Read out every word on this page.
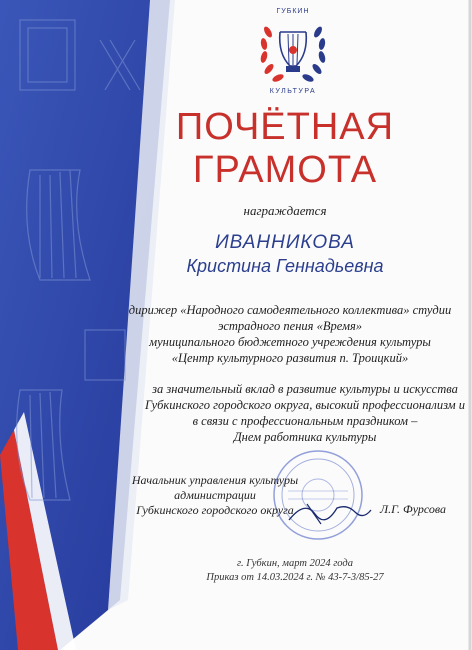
ГУБКИН
КУЛЬТУРА
ПОЧЁТНАЯ
ГРАМОТА
награждается
ИВАННИКОВА
Кристина Геннадьевна
дирижер «Народного самодеятельного коллектива» студии
эстрадного пения «Время»
муниципального бюджетного учреждения культуры
«Центр культурного развития п. Троицкий»
за значительный вклад в развитие культуры и искусства
Губкинского городского округа, высокий профессионализм и
в связи с профессиональным праздником –
Днем работника культуры
Начальник управления культуры
администрации
Губкинского городского округа	Л.Г. Фурсова
г. Губкин, март 2024 года
Приказ от 14.03.2024 г. № 43-7-3/85-27
